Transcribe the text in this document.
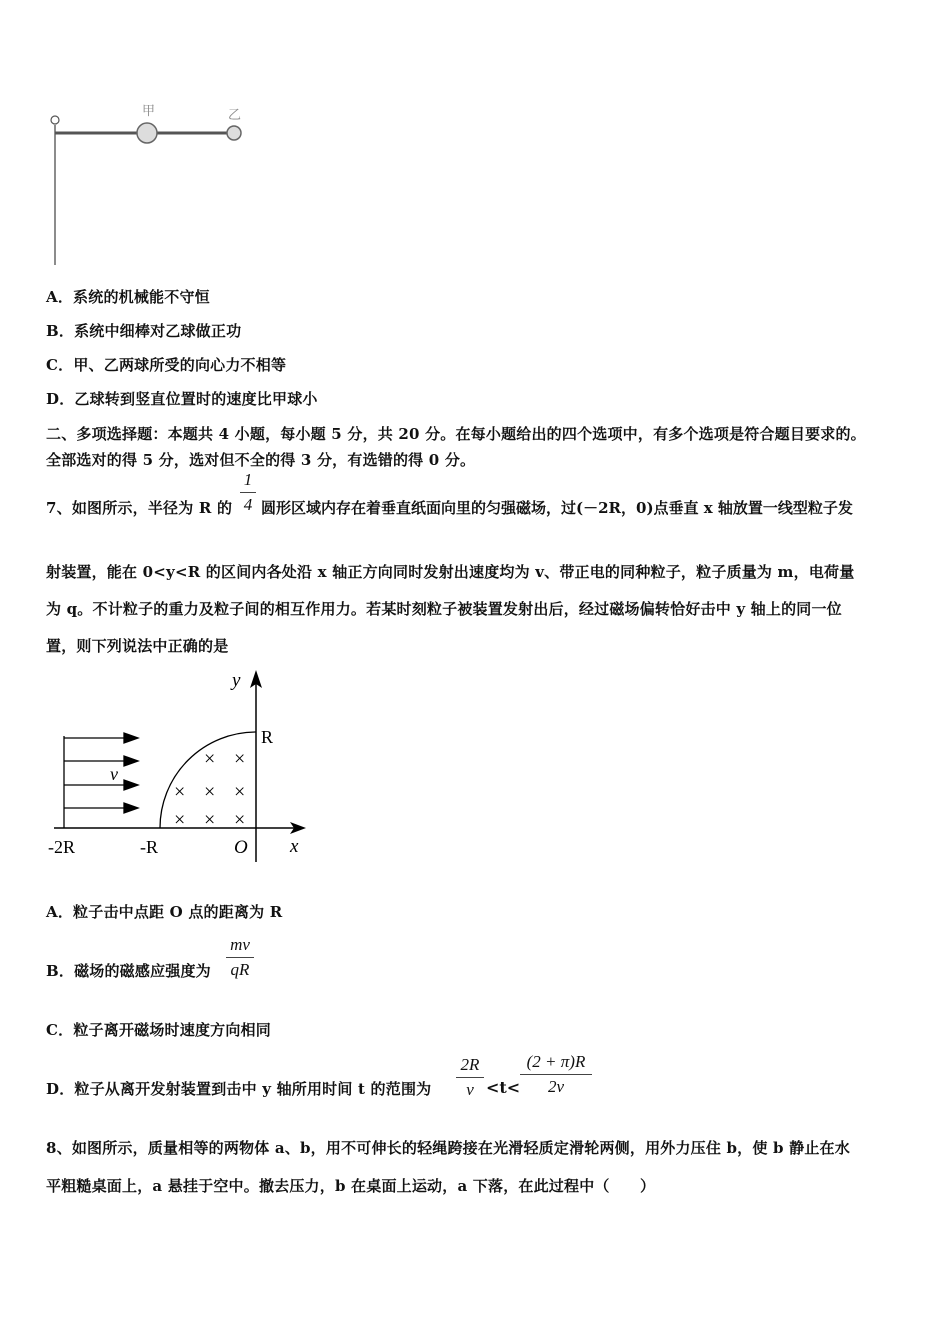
甲	乙
A．系统的机械能不守恒
B．系统中细棒对乙球做正功
C．甲、乙两球所受的向心力不相等
D．乙球转到竖直位置时的速度比甲球小
二、多项选择题：本题共 4 小题，每小题 5 分，共 20 分。在每小题给出的四个选项中，有多个选项是符合题目要求的。
全部选对的得 5 分，选对但不全的得 3 分，有选错的得 0 分。
7、如图所示，半径为 R 的
1
4 圆形区域内存在着垂直纸面向里的匀强磁场，过(－2R，0)点垂直 x 轴放置一线型粒子发
射装置，能在 0<y<R 的区间内各处沿 x 轴正方向同时发射出速度均为 v、带正电的同种粒子，粒子质量为 m，电荷量
为 q。不计粒子的重力及粒子间的相互作用力。若某时刻粒子被装置发射出后，经过磁场偏转恰好击中 y 轴上的同一位
置，则下列说法中正确的是
× ×
× × ×
× × ×
y
x
R
v
-2R	-R	O
A．粒子击中点距 O 点的距离为 R
B．磁场的磁感应强度为
mv
qR
C．粒子离开磁场时速度方向相同
D．粒子从离开发射装置到击中 y 轴所用时间 t 的范围为
2R
v <t<
(2 + π)R
2v
8、如图所示，质量相等的两物体 a、b，用不可伸长的轻绳跨接在光滑轻质定滑轮两侧，用外力压住 b，使 b 静止在水
平粗糙桌面上，a 悬挂于空中。撤去压力，b 在桌面上运动，a 下落，在此过程中（　　）
